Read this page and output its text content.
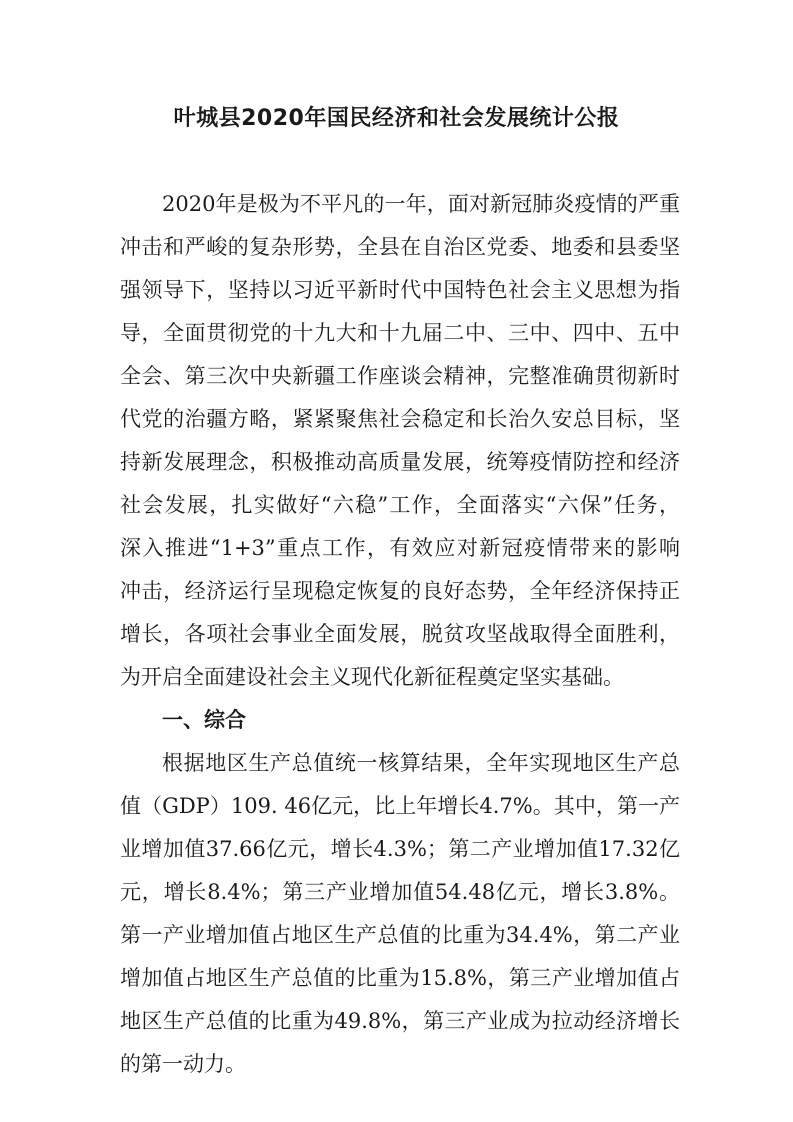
叶城县2020年国民经济和社会发展统计公报
2020年是极为不平凡的一年，面对新冠肺炎疫情的严重
冲击和严峻的复杂形势，全县在自治区党委、地委和县委坚
强领导下，坚持以习近平新时代中国特色社会主义思想为指
导，全面贯彻党的十九大和十九届二中、三中、四中、五中
全会、第三次中央新疆工作座谈会精神，完整准确贯彻新时
代党的治疆方略，紧紧聚焦社会稳定和长治久安总目标，坚
持新发展理念，积极推动高质量发展，统筹疫情防控和经济
社会发展，扎实做好“六稳”工作，全面落实“六保”任务，
深入推进“1+3”重点工作，有效应对新冠疫情带来的影响
冲击，经济运行呈现稳定恢复的良好态势，全年经济保持正
增长，各项社会事业全面发展，脱贫攻坚战取得全面胜利，
为开启全面建设社会主义现代化新征程奠定坚实基础。
一、综合
根据地区生产总值统一核算结果，全年实现地区生产总
值（GDP）109. 46亿元，比上年增长4.7%。其中，第一产
业增加值37.66亿元，增长4.3%；第二产业增加值17.32亿
元，增长8.4%；第三产业增加值54.48亿元，增长3.8%。
第一产业增加值占地区生产总值的比重为34.4%，第二产业
增加值占地区生产总值的比重为15.8%，第三产业增加值占
地区生产总值的比重为49.8%，第三产业成为拉动经济增长
的第一动力。
